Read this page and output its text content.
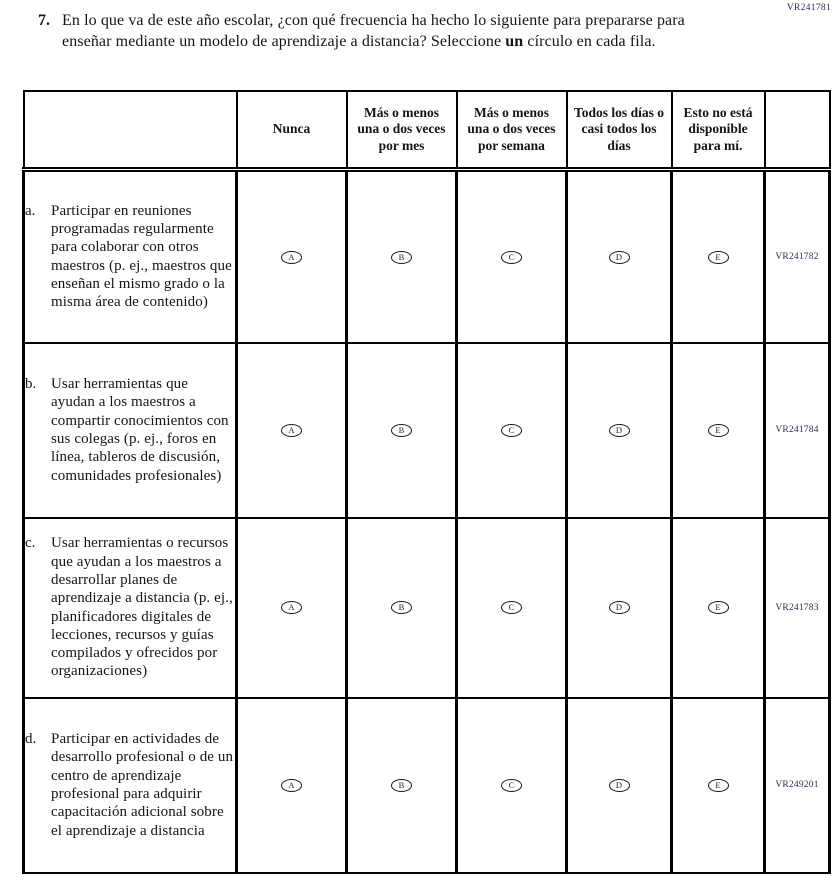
VR241781
7. En lo que va de este año escolar, ¿con qué frecuencia ha hecho lo siguiente para prepararse para enseñar mediante un modelo de aprendizaje a distancia? Seleccione un círculo en cada fila.
	Nunca	Más o menos una o dos veces por mes	Más o menos una o dos veces por semana	Todos los días o casi todos los días	Esto no está disponible para mí.	

a. Participar en reuniones programadas regularmente para colaborar con otros maestros (p. ej., maestros que enseñan el mismo grado o la misma área de contenido)	A	B	C	D	E	VR241782

b. Usar herramientas que ayudan a los maestros a compartir conocimientos con sus colegas (p. ej., foros en línea, tableros de discusión, comunidades profesionales)	A	B	C	D	E	VR241784

c. Usar herramientas o recursos que ayudan a los maestros a desarrollar planes de aprendizaje a distancia (p. ej., planificadores digitales de lecciones, recursos y guías compilados y ofrecidos por organizaciones)	A	B	C	D	E	VR241783

d. Participar en actividades de desarrollo profesional o de un centro de aprendizaje profesional para adquirir capacitación adicional sobre el aprendizaje a distancia	A	B	C	D	E	VR249201
